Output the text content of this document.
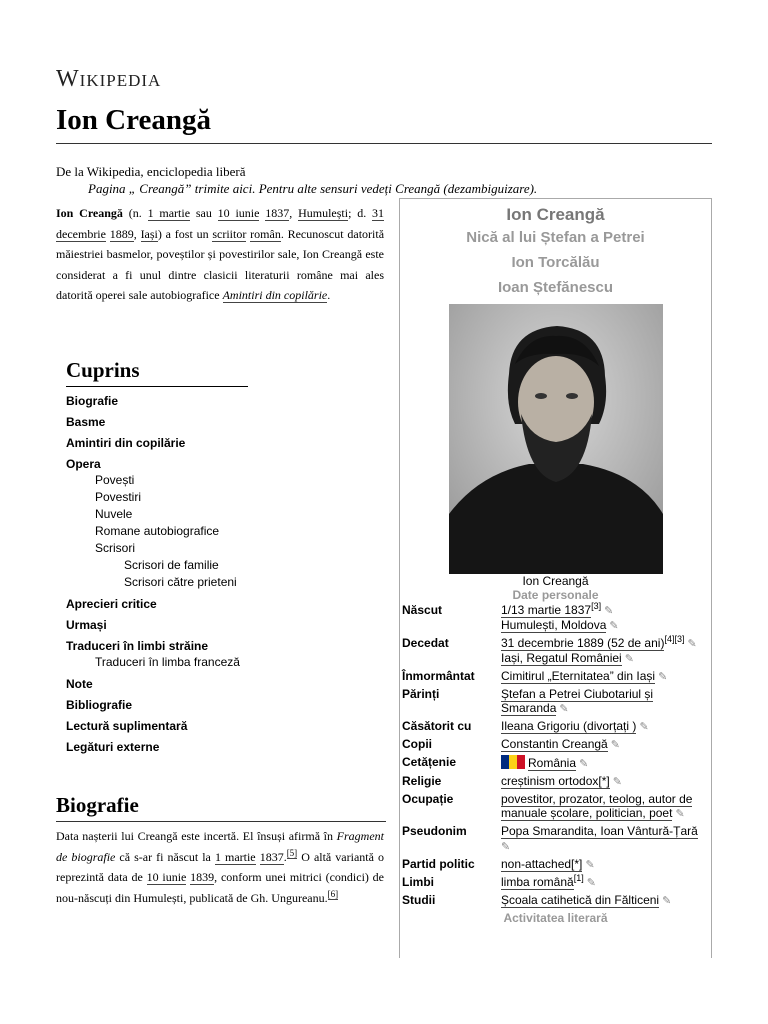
Wikipedia
Ion Creangă
De la Wikipedia, enciclopedia liberă
Pagina „ Creangă” trimite aici. Pentru alte sensuri vedeți Creangă (dezambiguizare).
Ion Creangă (n. 1 martie sau 10 iunie 1837, Humulești; d. 31 decembrie 1889, Iași) a fost un scriitor român. Recunoscut datorită măiestriei basmelor, poveștilor și povestirilor sale, Ion Creangă este considerat a fi unul dintre clasicii literaturii române mai ales datorită operei sale autobiografice Amintiri din copilărie.
Cuprins
Biografie
Basme
Amintiri din copilărie
Opera
Povești
Povestiri
Nuvele
Romane autobiografice
Scrisori
Scrisori de familie
Scrisori către prieteni
Aprecieri critice
Urmași
Traduceri în limbi străine
Traduceri în limba franceză
Note
Bibliografie
Lectură suplimentară
Legături externe
Biografie
Data nașterii lui Creangă este incertă. El însuși afirmă în Fragment de biografie că s-ar fi născut la 1 martie 1837.[5] O altă variantă o reprezintă data de 10 iunie 1839, conform unei mitrici (condici) de nou-născuți din Humulești, publicată de Gh. Ungureanu.[6]
Ion Creangă
Nică al lui Ștefan a Petrei
Ion Torcălău
Ioan Ștefănescu
Ion Creangă
Date personale
Născut	1/13 martie 1837[3] ✎
Humulești, Moldova ✎
Decedat	31 decembrie 1889 (52 de ani)[4][3] ✎
Iași, Regatul României ✎
Înmormântat	Cimitirul „Eternitatea” din Iași ✎
Părinți	Ștefan a Petrei Ciubotariul și Smaranda ✎
Căsătorit cu	Ileana Grigoriu (divorțați ) ✎
Copii	Constantin Creangă ✎
Cetățenie	România ✎
Religie	creștinism ortodox[*] ✎
Ocupație	povestitor, prozator, teolog, autor de manuale școlare, politician, poet ✎
Pseudonim	Popa Smarandita, Ioan Vântură-Țară ✎
Partid politic	non-attached[*] ✎
Limbi	limba română[1] ✎
Studii	Școala catihetică din Fălticeni ✎
Activitatea literară
